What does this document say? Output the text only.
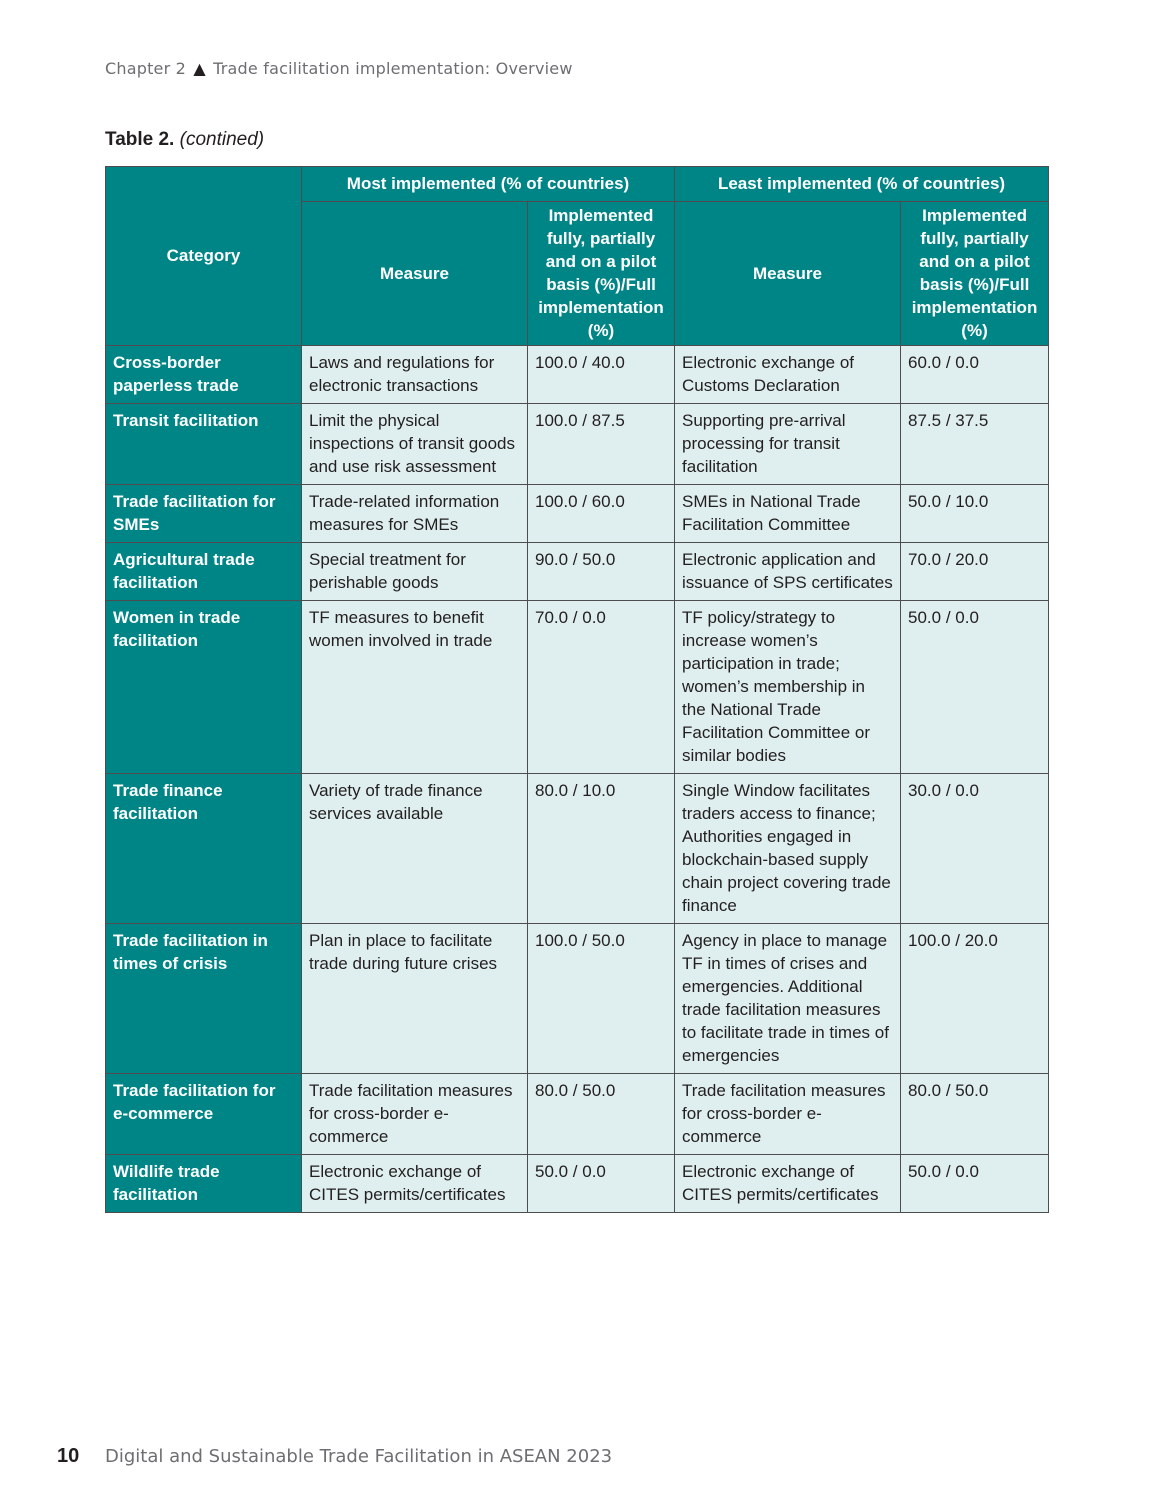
Chapter 2 ▲ Trade facilitation implementation: Overview
Table 2. (contined)
Category	Most implemented (% of countries)		Least implemented (% of countries)	
	Measure	Implemented fully, partially and on a pilot basis (%)/Full implementation (%)	Measure	Implemented fully, partially and on a pilot basis (%)/Full implementation (%)
Cross-border paperless trade	Laws and regulations for electronic transactions	100.0 / 40.0	Electronic exchange of Customs Declaration	60.0 / 0.0
Transit facilitation	Limit the physical inspections of transit goods and use risk assessment	100.0 / 87.5	Supporting pre-arrival processing for transit facilitation	87.5 / 37.5
Trade facilitation for SMEs	Trade-related information measures for SMEs	100.0 / 60.0	SMEs in National Trade Facilitation Committee	50.0 / 10.0
Agricultural trade facilitation	Special treatment for perishable goods	90.0 / 50.0	Electronic application and issuance of SPS certificates	70.0 / 20.0
Women in trade facilitation	TF measures to benefit women involved in trade	70.0 / 0.0	TF policy/strategy to increase women’s participation in trade; women’s membership in the National Trade Facilitation Committee or similar bodies	50.0 / 0.0
Trade finance facilitation	Variety of trade finance services available	80.0 / 10.0	Single Window facilitates traders access to finance; Authorities engaged in blockchain-based supply chain project covering trade finance	30.0 / 0.0
Trade facilitation in times of crisis	Plan in place to facilitate trade during future crises	100.0 / 50.0	Agency in place to manage TF in times of crises and emergencies. Additional trade facilitation measures to facilitate trade in times of emergencies	100.0 / 20.0
Trade facilitation for e-commerce	Trade facilitation measures for cross-border e-commerce	80.0 / 50.0	Trade facilitation measures for cross-border e-commerce	80.0 / 50.0
Wildlife trade facilitation	Electronic exchange of CITES permits/certificates	50.0 / 0.0	Electronic exchange of CITES permits/certificates	50.0 / 0.0
10 Digital and Sustainable Trade Facilitation in ASEAN 2023
